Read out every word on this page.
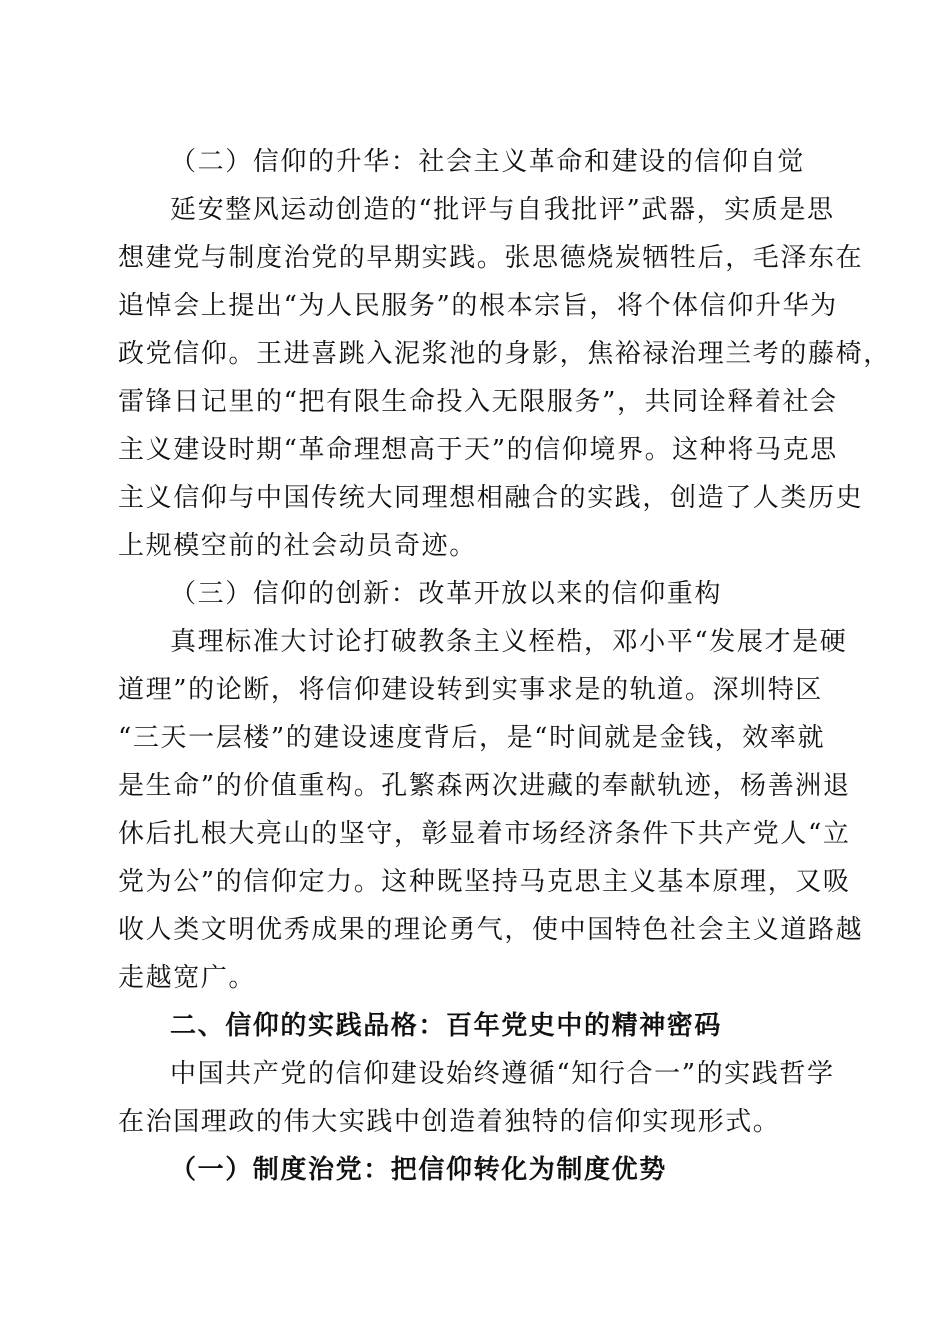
（二）信仰的升华：社会主义革命和建设的信仰自觉
延安整风运动创造的“批评与自我批评”武器，实质是思
想建党与制度治党的早期实践。张思德烧炭牺牲后，毛泽东在
追悼会上提出“为人民服务”的根本宗旨，将个体信仰升华为
政党信仰。王进喜跳入泥浆池的身影，焦裕禄治理兰考的藤椅，
雷锋日记里的“把有限生命投入无限服务”，共同诠释着社会
主义建设时期“革命理想高于天”的信仰境界。这种将马克思
主义信仰与中国传统大同理想相融合的实践，创造了人类历史
上规模空前的社会动员奇迹。
（三）信仰的创新：改革开放以来的信仰重构
真理标准大讨论打破教条主义桎梏，邓小平“发展才是硬
道理”的论断，将信仰建设转到实事求是的轨道。深圳特区
“三天一层楼”的建设速度背后，是“时间就是金钱，效率就
是生命”的价值重构。孔繁森两次进藏的奉献轨迹，杨善洲退
休后扎根大亮山的坚守，彰显着市场经济条件下共产党人“立
党为公”的信仰定力。这种既坚持马克思主义基本原理，又吸
收人类文明优秀成果的理论勇气，使中国特色社会主义道路越
走越宽广。
二、信仰的实践品格：百年党史中的精神密码
中国共产党的信仰建设始终遵循“知行合一”的实践哲学
在治国理政的伟大实践中创造着独特的信仰实现形式。
（一）制度治党：把信仰转化为制度优势
